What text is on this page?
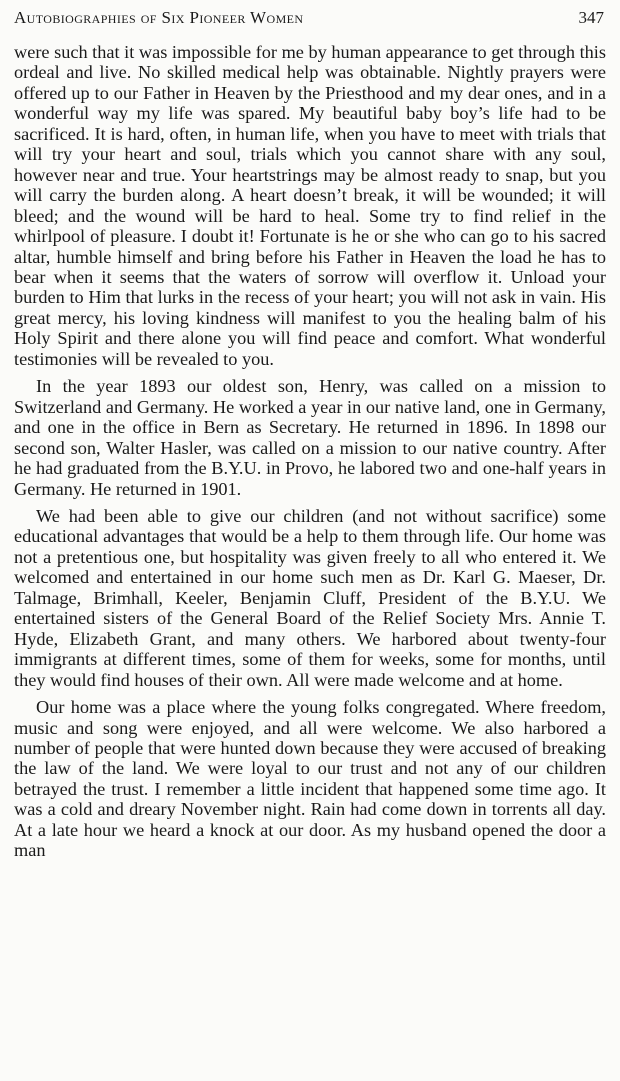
Autobiographies of Six Pioneer Women	347

were such that it was impossible for me by human appearance to get through this ordeal and live. No skilled medical help was obtainable. Nightly prayers were offered up to our Father in Heaven by the Priesthood and my dear ones, and in a wonderful way my life was spared. My beautiful baby boy’s life had to be sacrificed. It is hard, often, in human life, when you have to meet with trials that will try your heart and soul, trials which you cannot share with any soul, however near and true. Your heartstrings may be almost ready to snap, but you will carry the burden along. A heart doesn’t break, it will be wounded; it will bleed; and the wound will be hard to heal. Some try to find relief in the whirlpool of pleasure. I doubt it! Fortunate is he or she who can go to his sacred altar, humble himself and bring before his Father in Heaven the load he has to bear when it seems that the waters of sorrow will overflow it. Unload your burden to Him that lurks in the recess of your heart; you will not ask in vain. His great mercy, his loving kindness will manifest to you the healing balm of his Holy Spirit and there alone you will find peace and comfort. What wonderful testimonies will be revealed to you.

In the year 1893 our oldest son, Henry, was called on a mission to Switzerland and Germany. He worked a year in our native land, one in Germany, and one in the office in Bern as Secretary. He returned in 1896. In 1898 our second son, Walter Hasler, was called on a mission to our native country. After he had graduated from the B.Y.U. in Provo, he labored two and one-half years in Germany. He returned in 1901.

We had been able to give our children (and not without sacrifice) some educational advantages that would be a help to them through life. Our home was not a pretentious one, but hospitality was given freely to all who entered it. We welcomed and entertained in our home such men as Dr. Karl G. Maeser, Dr. Talmage, Brimhall, Keeler, Benjamin Cluff, President of the B.Y.U. We entertained sisters of the General Board of the Relief Society Mrs. Annie T. Hyde, Elizabeth Grant, and many others. We harbored about twenty-four immigrants at different times, some of them for weeks, some for months, until they would find houses of their own. All were made welcome and at home.

Our home was a place where the young folks congregated. Where freedom, music and song were enjoyed, and all were welcome. We also harbored a number of people that were hunted down because they were accused of breaking the law of the land. We were loyal to our trust and not any of our children betrayed the trust. I remember a little incident that happened some time ago. It was a cold and dreary November night. Rain had come down in torrents all day. At a late hour we heard a knock at our door. As my husband opened the door a man
